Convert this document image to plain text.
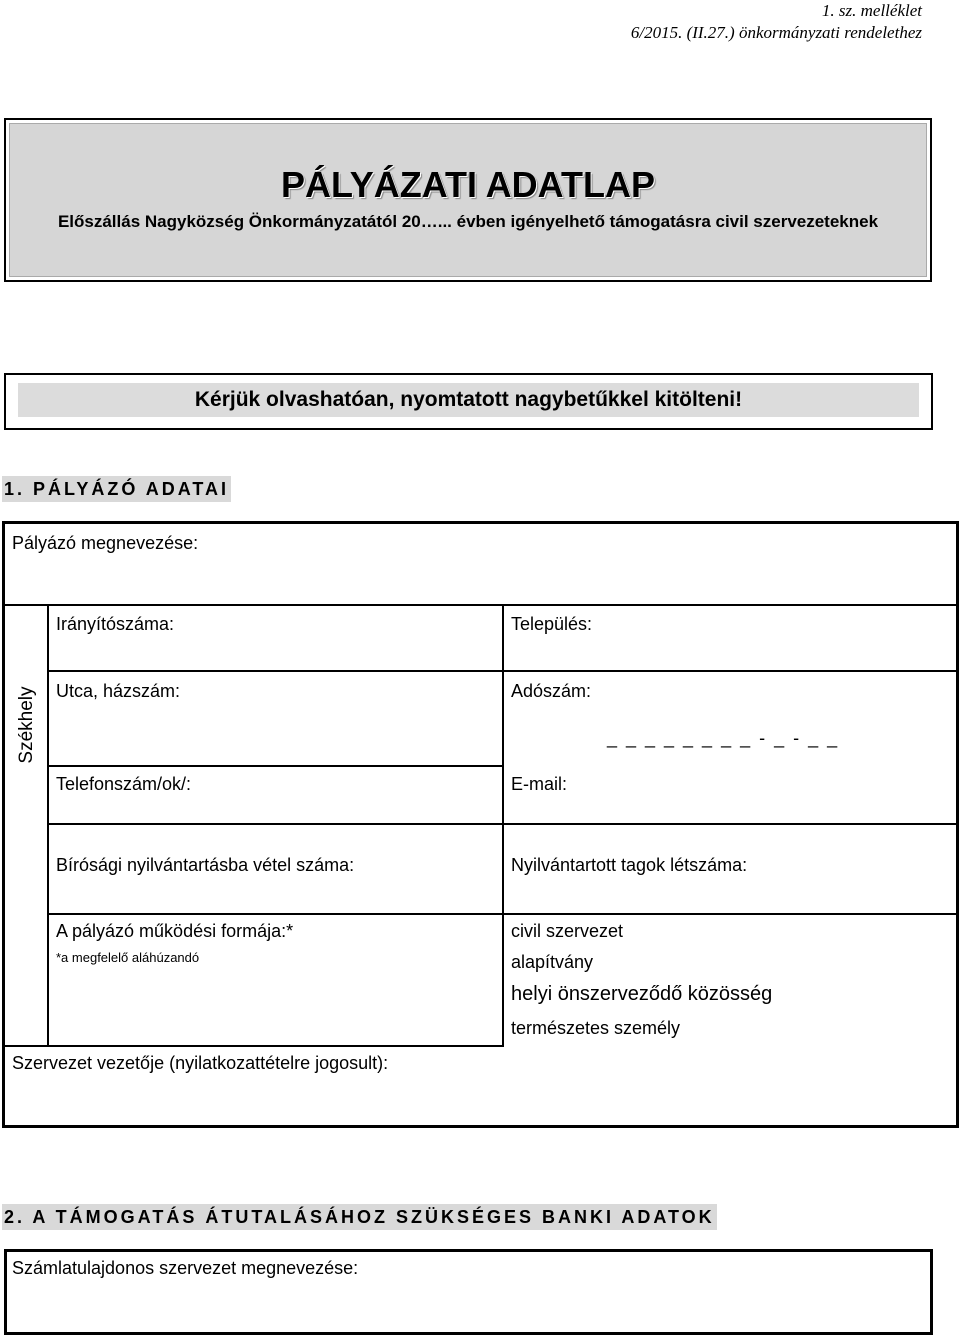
1. sz. melléklet
6/2015. (II.27.) önkormányzati rendelethez
PÁLYÁZATI ADATLAP
Előszállás Nagyközség Önkormányzatától 20…... évben igényelhető támogatásra civil szervezeteknek
Kérjük olvashatóan, nyomtatott nagybetűkkel kitölteni!
1. PÁLYÁZÓ ADATAI
Pályázó megnevezése:
Székhely
Irányítószáma:	Település:
Utca, házszám:	Adószám:
_ _ _ _ _ _ _ _ - _ - _ _
Telefonszám/ok/:	E-mail:
Bírósági nyilvántartásba vétel száma:	Nyilvántartott tagok létszáma:
A pályázó működési formája:*
*a megfelelő aláhúzandó
civil szervezet
alapítvány
helyi önszerveződő közösség
természetes személy
Szervezet vezetője (nyilatkozattételre jogosult):
2. A TÁMOGATÁS ÁTUTALÁSÁHOZ SZÜKSÉGES BANKI ADATOK
Számlatulajdonos szervezet megnevezése:
